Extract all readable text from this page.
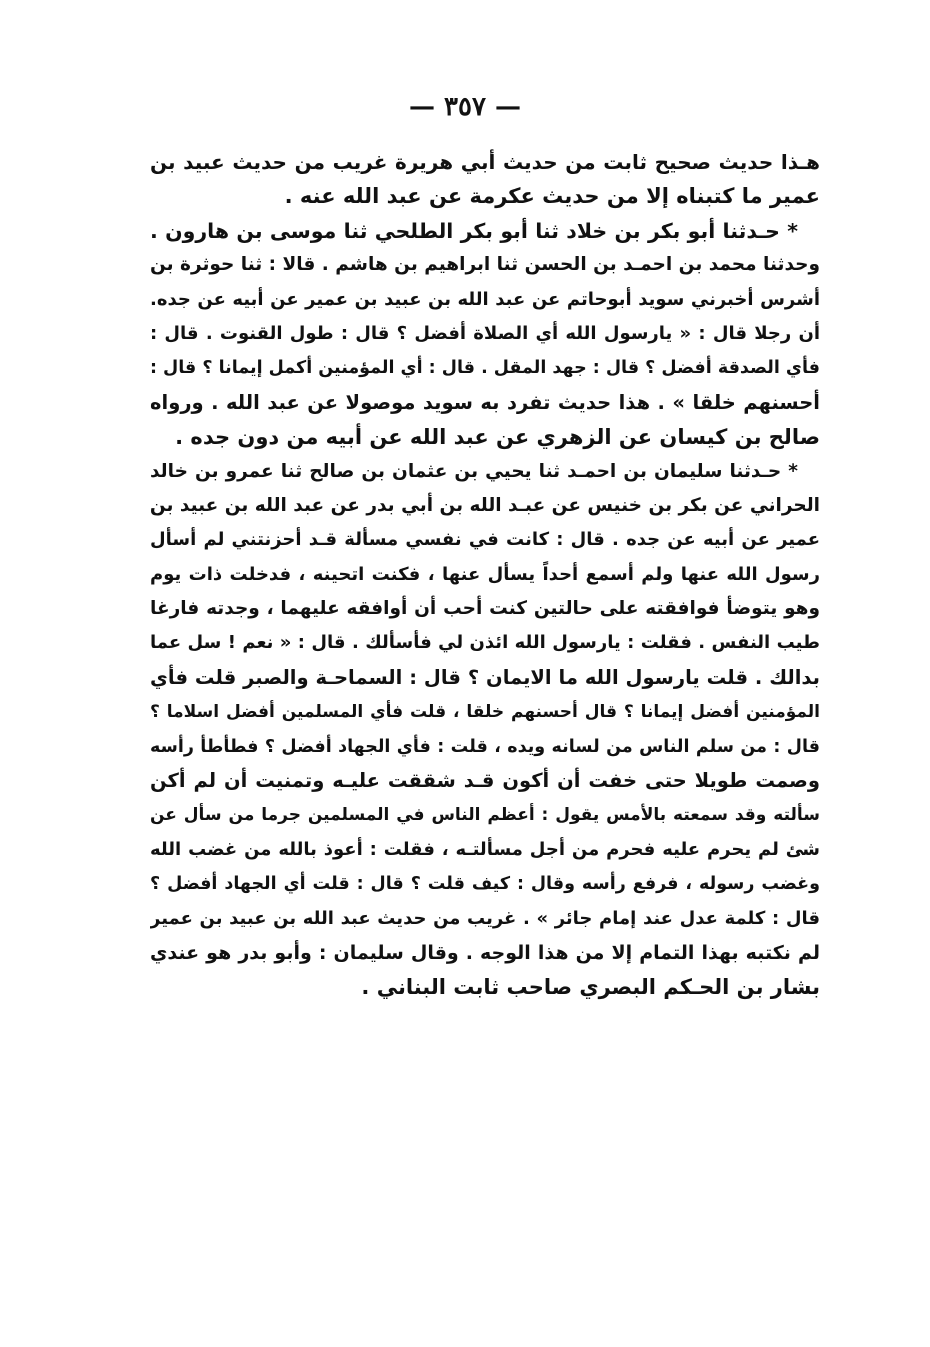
— ٣٥٧ —
هـذا حديث صحيح ثابت من حديث أبي هريرة غريب من حديث عبيد بن
عمير ما كتبناه إلا من حديث عكرمة عن عبد الله عنه .
* حـدثنا أبو بكر بن خلاد ثنا أبو بكر الطلحي ثنا موسى بن هارون .
وحدثنا محمد بن احمـد بن الحسن ثنا ابراهيم بن هاشم . قالا : ثنا حوثرة بن
أشرس أخبرني سويد أبوحاتم عن عبد الله بن عبيد بن عمير عن أبيه عن جده.
أن رجلا قال : « يارسول الله أي الصلاة أفضل ؟ قال : طول القنوت . قال :
فأي الصدقة أفضل ؟ قال : جهد المقل . قال : أي المؤمنين أكمل إيمانا ؟ قال :
أحسنهم خلقا » . هذا حديث تفرد به سويد موصولا عن عبد الله . ورواه
صالح بن كيسان عن الزهري عن عبد الله عن أبيه من دون جده .
* حـدثنا سليمان بن احمـد ثنا يحيي بن عثمان بن صالح ثنا عمرو بن خالد
الحراني عن بكر بن خنيس عن عبـد الله بن أبي بدر عن عبد الله بن عبيد بن
عمير عن أبيه عن جده . قال : كانت في نفسي مسألة قـد أحزنتني لم أسأل
رسول الله عنها ولم أسمع أحداً يسأل عنها ، فكنت اتحينه ، فدخلت ذات يوم
وهو يتوضأ فوافقته على حالتين كنت أحب أن أوافقه عليهما ، وجدته فارغا
طيب النفس . فقلت : يارسول الله ائذن لي فأسألك . قال : « نعم ! سل عما
بدالك . قلت يارسول الله ما الايمان ؟ قال : السماحـة والصبر قلت فأي
المؤمنين أفضل إيمانا ؟ قال أحسنهم خلقا ، قلت فأي المسلمين أفضل اسلاما ؟
قال : من سلم الناس من لسانه ويده ، قلت : فأي الجهاد أفضل ؟ فطأطأ رأسه
وصمت طويلا حتى خفت أن أكون قـد شققت عليـه وتمنيت أن لم أكن
سألته وقد سمعته بالأمس يقول : أعظم الناس في المسلمين جرما من سأل عن
شئ لم يحرم عليه فحرم من أجل مسألتـه ، فقلت : أعوذ بالله من غضب الله
وغضب رسوله ، فرفع رأسه وقال : كيف قلت ؟ قال : قلت أي الجهاد أفضل ؟
قال : كلمة عدل عند إمام جائر » . غريب من حديث عبد الله بن عبيد بن عمير
لم نكتبه بهذا التمام إلا من هذا الوجه . وقال سليمان : وأبو بدر هو عندي
بشار بن الحـكم البصري صاحب ثابت البناني .
